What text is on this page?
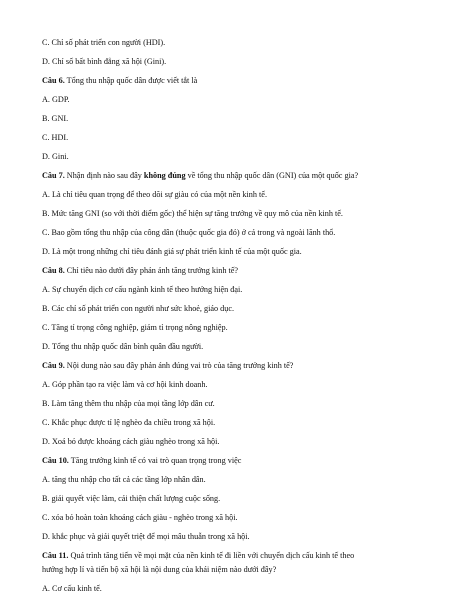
C. Chỉ số phát triển con người (HDI).
D. Chỉ số bất bình đẳng xã hội (Gini).
Câu 6. Tổng thu nhập quốc dân được viết tắt là
A. GDP.
B. GNI.
C. HDI.
D. Gini.
Câu 7. Nhận định nào sau đây không đúng về tổng thu nhập quốc dân (GNI) của một quốc gia?
A. Là chỉ tiêu quan trọng để theo dõi sự giàu có của một nền kinh tế.
B. Mức tăng GNI (so với thời điểm gốc) thể hiện sự tăng trưởng về quy mô của nền kinh tế.
C. Bao gồm tổng thu nhập của công dân (thuộc quốc gia đó) ở cả trong và ngoài lãnh thổ.
D. Là một trong những chỉ tiêu đánh giá sự phát triển kinh tế của một quốc gia.
Câu 8. Chỉ tiêu nào dưới đây phản ánh tăng trưởng kinh tế?
A. Sự chuyển dịch cơ cấu ngành kinh tế theo hướng hiện đại.
B. Các chỉ số phát triển con người như sức khoẻ, giáo dục.
C. Tăng tỉ trọng công nghiệp, giảm tỉ trọng nông nghiệp.
D. Tổng thu nhập quốc dân bình quân đầu người.
Câu 9. Nội dung nào sau đây phản ánh đúng vai trò của tăng trưởng kinh tế?
A. Góp phần tạo ra việc làm và cơ hội kinh doanh.
B. Làm tăng thêm thu nhập của mọi tầng lớp dân cư.
C. Khắc phục được tỉ lệ nghèo đa chiều trong xã hội.
D. Xoá bỏ được khoảng cách giàu nghèo trong xã hội.
Câu 10. Tăng trưởng kinh tế có vai trò quan trọng trong việc
A. tăng thu nhập cho tất cả các tầng lớp nhân dân.
B. giải quyết việc làm, cải thiện chất lượng cuộc sống.
C. xóa bỏ hoàn toàn khoảng cách giàu - nghèo trong xã hội.
D. khắc phục và giải quyết triệt để mọi mâu thuẫn trong xã hội.
Câu 11. Quá trình tăng tiến về mọi mặt của nền kinh tế đi liền với chuyển dịch cấu kinh tế theo
hướng hợp lí và tiến bộ xã hội là nội dung của khái niệm nào dưới đây?
A. Cơ cấu kinh tế.
